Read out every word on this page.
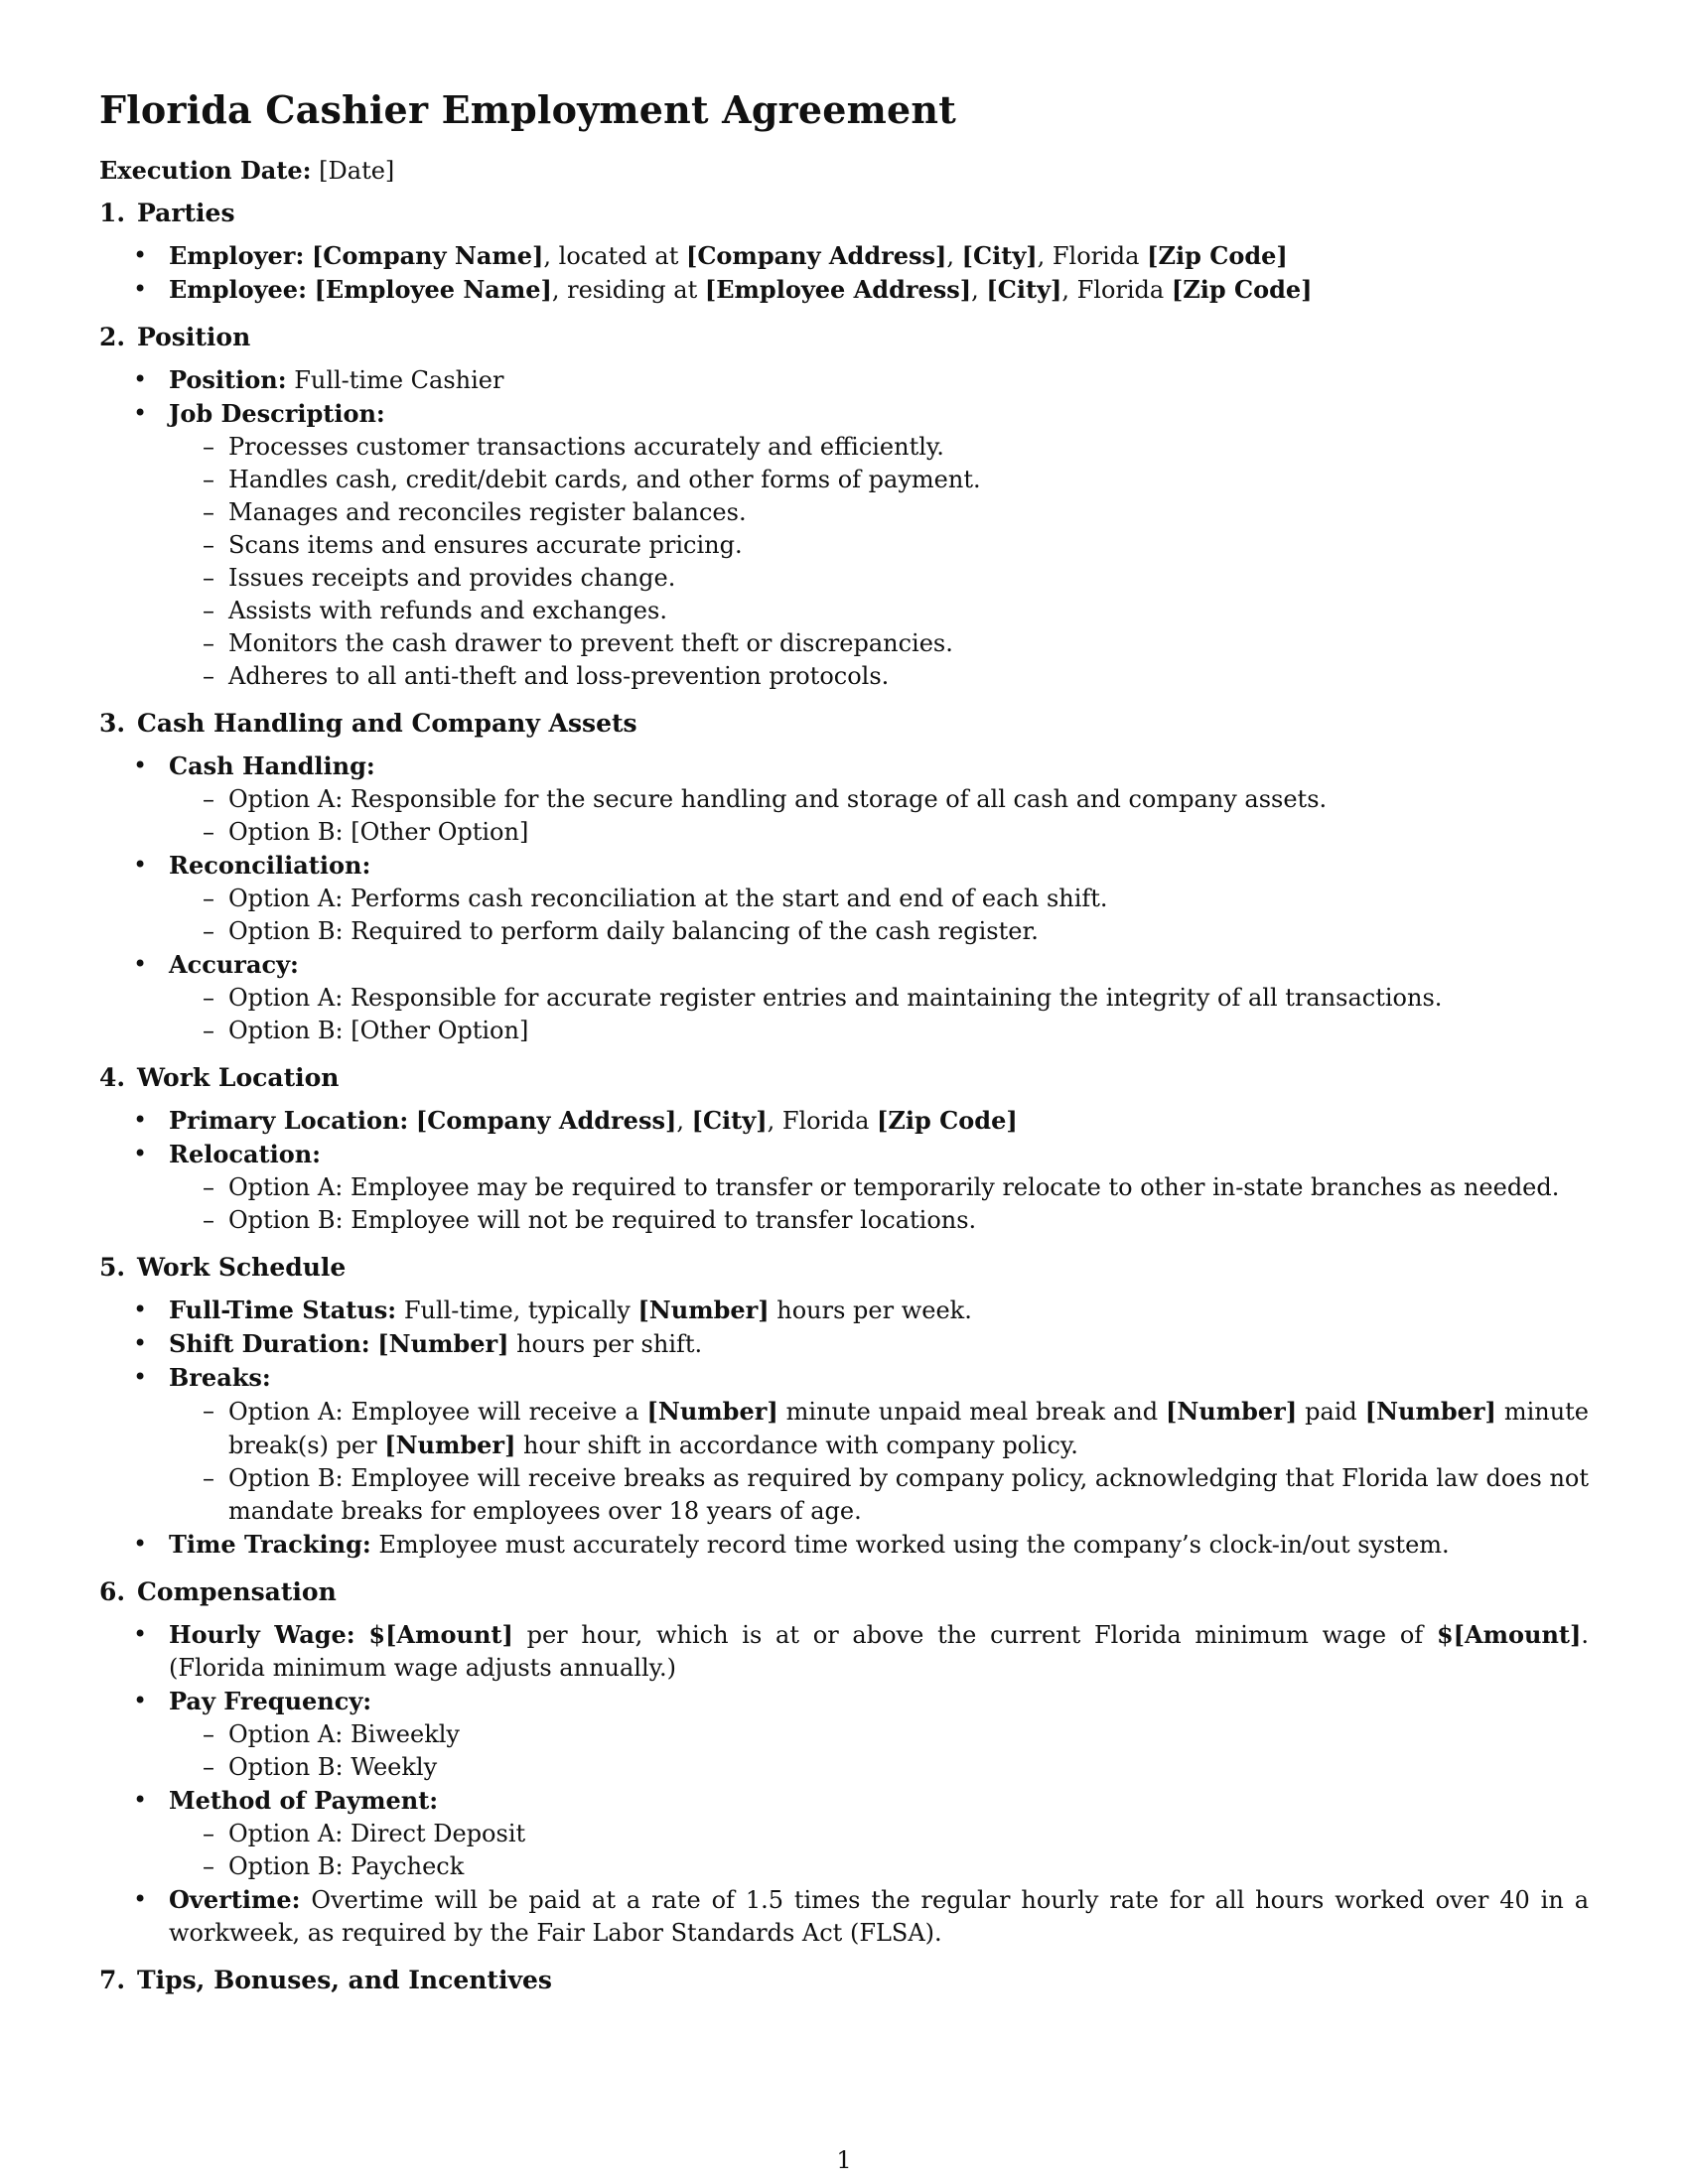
Florida Cashier Employment Agreement

Execution Date: [Date]

1. Parties
• Employer: [Company Name], located at [Company Address], [City], Florida [Zip Code]
• Employee: [Employee Name], residing at [Employee Address], [City], Florida [Zip Code]
2. Position
• Position: Full-time Cashier
• Job Description:
– Processes customer transactions accurately and efficiently.
– Handles cash, credit/debit cards, and other forms of payment.
– Manages and reconciles register balances.
– Scans items and ensures accurate pricing.
– Issues receipts and provides change.
– Assists with refunds and exchanges.
– Monitors the cash drawer to prevent theft or discrepancies.
– Adheres to all anti-theft and loss-prevention protocols.
3. Cash Handling and Company Assets
• Cash Handling:
– Option A: Responsible for the secure handling and storage of all cash and company assets.
– Option B: [Other Option]
• Reconciliation:
– Option A: Performs cash reconciliation at the start and end of each shift.
– Option B: Required to perform daily balancing of the cash register.
• Accuracy:
– Option A: Responsible for accurate register entries and maintaining the integrity of all transactions.
– Option B: [Other Option]
4. Work Location
• Primary Location: [Company Address], [City], Florida [Zip Code]
• Relocation:
– Option A: Employee may be required to transfer or temporarily relocate to other in-state branches as needed.
– Option B: Employee will not be required to transfer locations.
5. Work Schedule
• Full-Time Status: Full-time, typically [Number] hours per week.
• Shift Duration: [Number] hours per shift.
• Breaks:
– Option A: Employee will receive a [Number] minute unpaid meal break and [Number] paid [Number] minute break(s) per [Number] hour shift in accordance with company policy.
– Option B: Employee will receive breaks as required by company policy, acknowledging that Florida law does not mandate breaks for employees over 18 years of age.
• Time Tracking: Employee must accurately record time worked using the company’s clock-in/out system.
6. Compensation
• Hourly Wage: $[Amount] per hour, which is at or above the current Florida minimum wage of $[Amount]. (Florida minimum wage adjusts annually.)
• Pay Frequency:
– Option A: Biweekly
– Option B: Weekly
• Method of Payment:
– Option A: Direct Deposit
– Option B: Paycheck
• Overtime: Overtime will be paid at a rate of 1.5 times the regular hourly rate for all hours worked over 40 in a workweek, as required by the Fair Labor Standards Act (FLSA).
7. Tips, Bonuses, and Incentives
1
